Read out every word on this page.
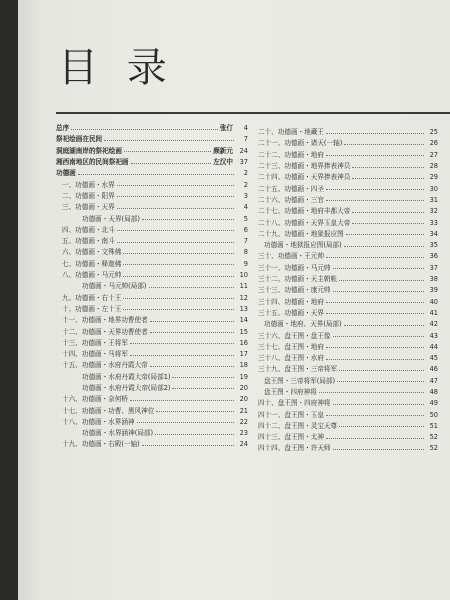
目 录
总序	张仃	4
祭祀绘画在民间	7
洞庭湖南岸的祭祀绘画	颜新元	24
湘西南地区的民间祭祀画	左汉中	37
功德画	2
一、功德画・水界	2
二、功德画・阳界	3
三、功德画・天界	4
功德画・天界(局部)	5
四、功德画・北斗	6
五、功德画・南斗	7
六、功德画・文殊佛	8
七、功德画・释迦佛	9
八、功德画・马元帅	10
功德画・马元帅(局部)	11
九、功德画・右十王	12
十、功德画・左十王	13
十一、功德画・地界功曹使者	14
十二、功德画・天界功曹使者	15
十三、功德画・王将军	16
十四、功德画・马将军	17
十五、功德画・水府丹霞大帝	18
功德画・水府丹霞大帝(局部1)	19
功德画・水府丹霞大帝(局部2)	20
十六、功德画・奈何桥	20
十七、功德画・功曹、黑风神位	21
十八、功德画・水界涵神	22
功德画・水界涵神(局部)	23
十九、功德画・右殿(一轴)	24
二十、功德画・地藏王	25
二十一、功德画・诸天(一轴)	26
二十二、功德画・地府	27
二十三、功德画・地界捧表神员	28
二十四、功德画・天界捧表神员	29
二十五、功德画・四圣	30
二十六、功德画・三官	31
二十七、功德画・地府丰都大帝	32
二十八、功德画・天界玉皇大帝	33
二十九、功德画・地狱报应图	34
功德画・地狱报应图(局部)	35
三十、功德画・王元帅	36
三十一、功德画・马元帅	37
三十二、功德画・天主朝帐	38
三十三、功德画・康元帅	39
三十四、功德画・地府	40
三十五、功德画・天界	41
功德画・地府、天界(局部)	42
三十六、盘王图・盘王像	43
三十七、盘王图・地府	44
三十八、盘王图・水府	45
三十九、盘王图・三帝将军	46
盘王图・三帝将军(局部)	47
盘王图・四府神将	48
四十、盘王图・四府神将	49
四十一、盘王图・玉皇	50
四十二、盘王图・灵宝天尊	51
四十三、盘王图・太神	52
四十四、盘王图・许天师	52
